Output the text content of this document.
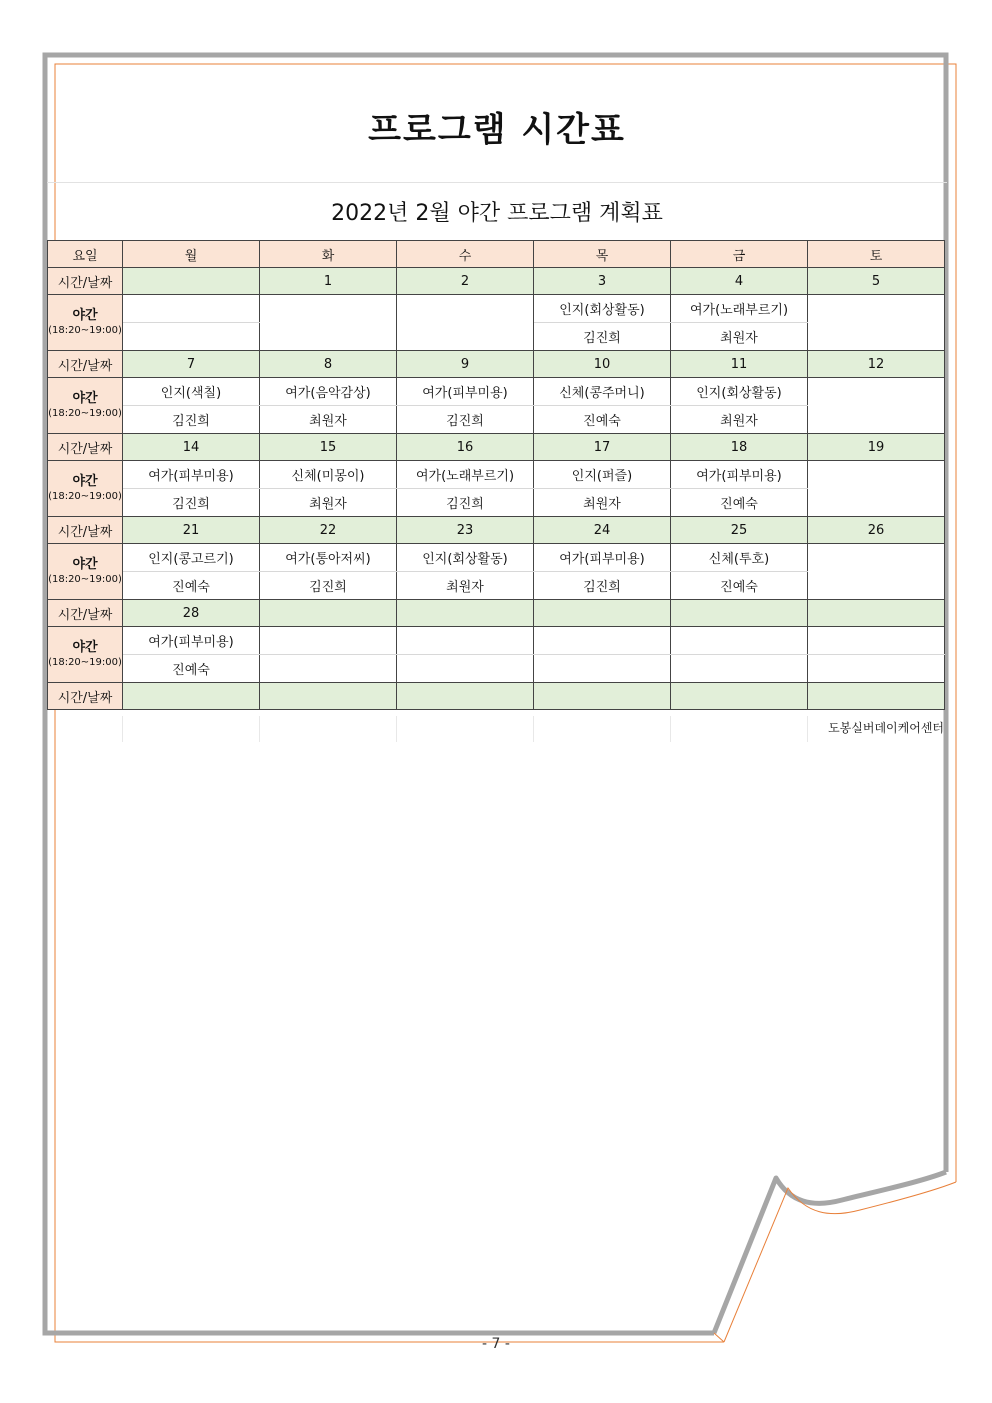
프로그램 시간표
2022년 2월 야간 프로그램 계획표
요일	월	화	수	목	금	토
시간/날짜		1	2	3	4	5

야간
(18:20~19:00)				인지(회상활동)	여가(노래부르기)	
				김진희	최원자	
시간/날짜	7	8	9	10	11	12

야간
(18:20~19:00)	인지(색칠)	여가(음악감상)	여가(피부미용)	신체(콩주머니)	인지(회상활동)	
	김진희	최원자	김진희	진예숙	최원자	
시간/날짜	14	15	16	17	18	19

야간
(18:20~19:00)	여가(피부미용)	신체(미몽이)	여가(노래부르기)	인지(퍼즐)	여가(피부미용)	
	김진희	최원자	김진희	최원자	진예숙	
시간/날짜	21	22	23	24	25	26

야간
(18:20~19:00)	인지(콩고르기)	여가(통아저씨)	인지(회상활동)	여가(피부미용)	신체(투호)	
	진예숙	김진희	최원자	김진희	진예숙	
시간/날짜	28					

야간
(18:20~19:00)	여가(피부미용)					
	진예숙					
시간/날짜						
도봉실버데이케어센터
- 7 -
